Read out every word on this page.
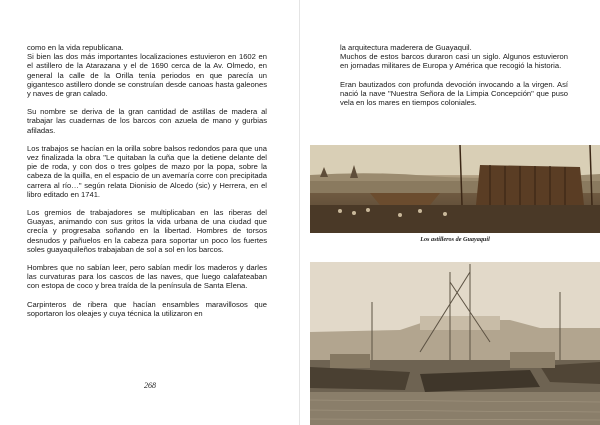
como en la vida republicana.
Si bien las dos más importantes localizaciones estuvieron en 1602 en el astillero de la Atarazana y el de 1690 cerca de la Av. Olmedo, en general la calle de la Orilla tenía periodos en que parecía un gigantesco astillero donde se construían desde canoas hasta galeones y naves de gran calado.

Su nombre se deriva de la gran cantidad de astillas de madera al trabajar las cuadernas de los barcos con azuela de mano y gurbias afiladas.

Los trabajos se hacían en la orilla sobre balsos redondos para que una vez finalizada la obra "Le quitaban la cuña que la detiene delante del pie de roda, y con dos o tres golpes de mazo por la popa, sobre la cabeza de la quilla, en el espacio de un avemaría corre con precipitada carrera al río…" según relata Dionisio de Alcedo (sic) y Herrera, en el libro editado en 1741.

Los gremios de trabajadores se multiplicaban en las riberas del Guayas, animando con sus gritos la vida urbana de una ciudad que crecía y progresaba soñando en la libertad. Hombres de torsos desnudos y pañuelos en la cabeza para soportar un poco los fuertes soles guayaquileños trabajaban de sol a sol en los barcos.

Hombres que no sabían leer, pero sabían medir los maderos y darles las curvaturas para los cascos de las naves, que luego calafateaban con estopa de coco y brea traída de la península de Santa Elena.

Carpinteros de ribera que hacían ensambles maravillosos que soportaron los oleajes y cuya técnica la utilizaron en

268

la arquitectura maderera de Guayaquil.
Muchos de estos barcos duraron casi un siglo. Algunos estuvieron en jornadas militares de Europa y América que recogió la historia.

Eran bautizados con profunda devoción invocando a la virgen. Así nació la nave "Nuestra Señora de la Limpia Concepción" que puso vela en los mares en tiempos coloniales.

Los astilleros de Guayaquil
